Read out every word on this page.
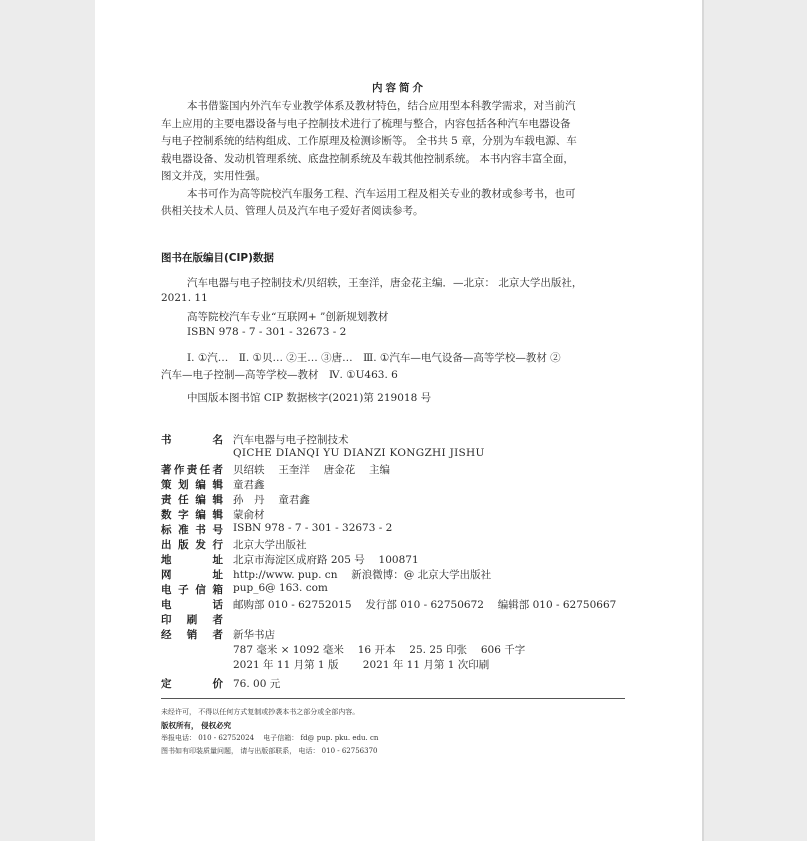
内容简介
本书借鉴国内外汽车专业教学体系及教材特色，结合应用型本科教学需求，对当前汽
车上应用的主要电器设备与电子控制技术进行了梳理与整合，内容包括各种汽车电器设备
与电子控制系统的结构组成、工作原理及检测诊断等。 全书共 5 章，分别为车载电源、车
载电器设备、发动机管理系统、底盘控制系统及车载其他控制系统。 本书内容丰富全面，
图文并茂，实用性强。
本书可作为高等院校汽车服务工程、汽车运用工程及相关专业的教材或参考书，也可
供相关技术人员、管理人员及汽车电子爱好者阅读参考。
图书在版编目(CIP)数据
汽车电器与电子控制技术/贝绍轶，王奎洋，唐金花主编．—北京： 北京大学出版社，
2021. 11
高等院校汽车专业“互联网+ ”创新规划教材
ISBN 978 - 7 - 301 - 32673 - 2
Ⅰ. ①汽…　Ⅱ. ①贝… ②王… ③唐…　Ⅲ. ①汽车—电气设备—高等学校—教材 ②
汽车—电子控制—高等学校—教材　Ⅳ. ①U463. 6
中国版本图书馆 CIP 数据核字(2021)第 219018 号
书	名 汽车电器与电子控制技术
QICHE DIANQI YU DIANZI KONGZHI JISHU
著 作 责 任 者 贝绍轶　 王奎洋　 唐金花　 主编
策 划 编 辑 童君鑫
责 任 编 辑 孙　丹　 童君鑫
数 字 编 辑 蒙俞材
标 准 书 号 ISBN 978 - 7 - 301 - 32673 - 2
出 版 发 行 北京大学出版社
地	址 北京市海淀区成府路 205 号　 100871
网	址 http://www. pup. cn　 新浪微博：@ 北京大学出版社
电 子 信 箱 pup_6@ 163. com
电	话 邮购部 010 - 62752015　 发行部 010 - 62750672　 编辑部 010 - 62750667
印 刷 者
经 销 者 新华书店
787 毫米 × 1092 毫米　 16 开本　 25. 25 印张　 606 千字
2021 年 11 月第 1 版　　 2021 年 11 月第 1 次印刷
定	价 76. 00 元
未经许可， 不得以任何方式复制或抄袭本书之部分或全部内容。
版权所有， 侵权必究
举报电话： 010 - 62752024　 电子信箱： fd@ pup. pku. edu. cn
图书如有印装质量问题， 请与出版部联系， 电话： 010 - 62756370
